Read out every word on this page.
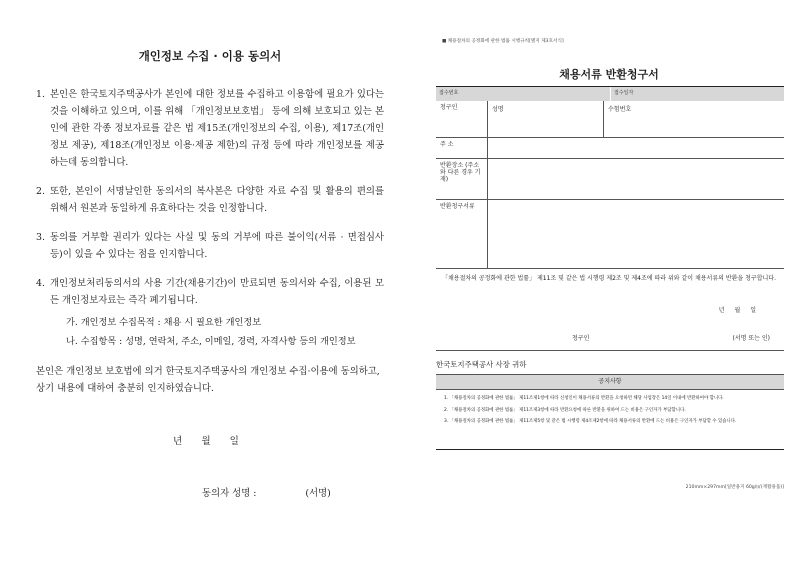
개인정보 수집 · 이용 동의서
1. 본인은 한국토지주택공사가 본인에 대한 정보를 수집하고 이용함에 필요가 있다는 것을 이해하고 있으며, 이를 위해 「개인정보보호법」 등에 의해 보호되고 있는 본인에 관한 각종 정보자료를 같은 법 제15조(개인정보의 수집, 이용), 제17조(개인정보 제공), 제18조(개인정보 이용·제공 제한)의 규정 등에 따라 개인정보를 제공하는데 동의합니다.
2. 또한, 본인이 서명날인한 동의서의 복사본은 다양한 자료 수집 및 활용의 편의를 위해서 원본과 동일하게 유효하다는 것을 인정합니다.
3. 동의를 거부할 권리가 있다는 사실 및 동의 거부에 따른 불이익(서류 · 면접심사 등)이 있을 수 있다는 점을 인지합니다.
4. 개인정보처리동의서의 사용 기간(채용기간)이 만료되면 동의서와 수집, 이용된 모든 개인정보자료는 즉각 폐기됩니다.
가. 개인정보 수집목적 : 채용 시 필요한 개인정보
나. 수집항목 : 성명, 연락처, 주소, 이메일, 경력, 자격사항 등의 개인정보
본인은 개인정보 보호법에 의거 한국토지주택공사의 개인정보 수집·이용에 동의하고, 상기 내용에 대하여 충분히 인지하였습니다.
년 월 일
동의자 성명 :	(서명)
■ 채용절차의 공정화에 관한 법률 시행규칙[별지 제3호서식]
채용서류 반환청구서
접수번호	접수일자
청구인	성명	수험번호
주 소
반환장소 (주소와 다른 경우 기재)
반환청구서류
「채용절차의 공정화에 관한 법률」 제11조 및 같은 법 시행령 제2조 및 제4조에 따라 위와 같이 채용서류의 반환을 청구합니다.
년 월 일
청구인	(서명 또는 인)
한국토지주택공사 사장 귀하
공지사항

1. 「채용절차의 공정화에 관한 법률」 제11조제1항에 따라 신청인이 채용서류의 반환을 요청하면 해당 사업장은 14일 이내에 반환하여야 합니다.

2. 「채용절차의 공정화에 관한 법률」 제11조제3항에 따라 반환요청에 따른 반환을 위하여 드는 비용은 구인자가 부담합니다.

3. 「채용절차의 공정화에 관한 법률」 제11조제5항 및 같은 법 시행령 제4조제2항에 따라 채용서류의 반환에 드는 비용은 구인자가 부담할 수 있습니다.

210mm×297mm[일반용지 60g/㎡(재활용품)]
